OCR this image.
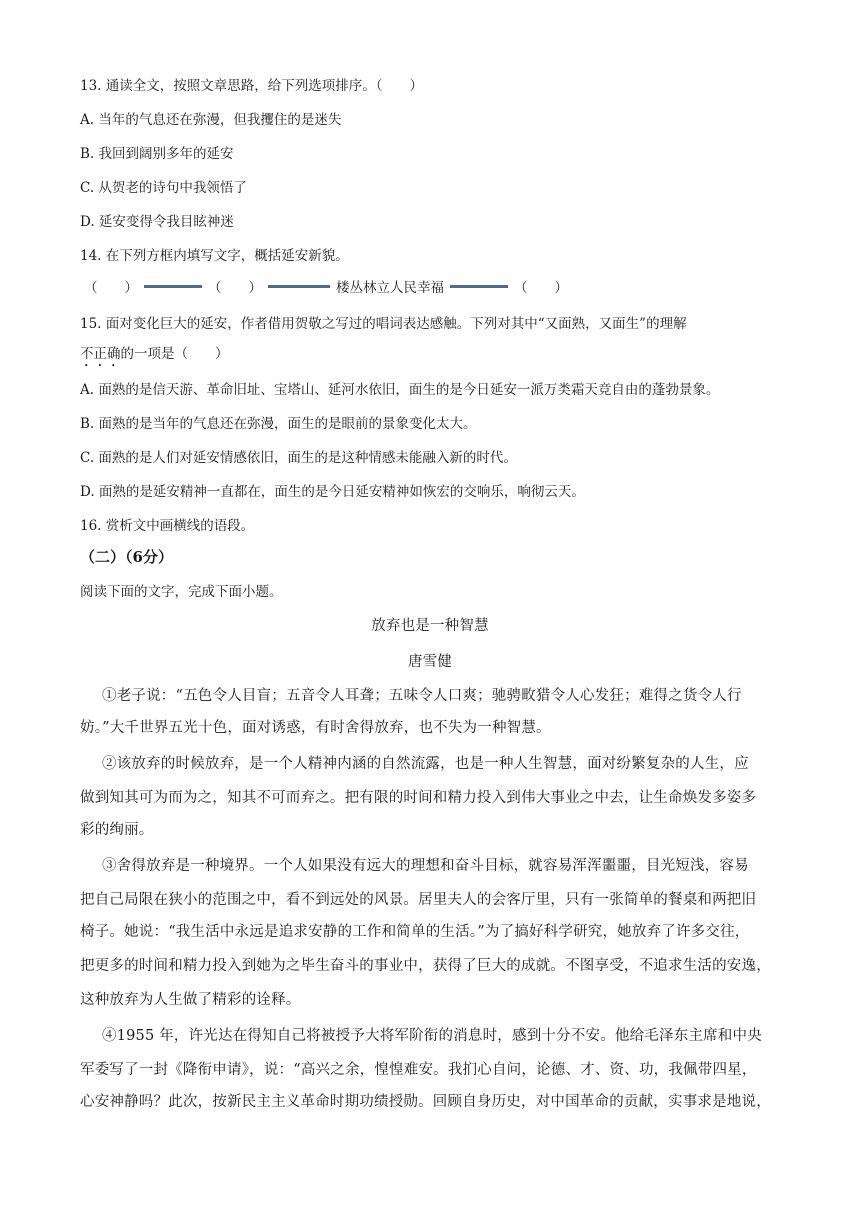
13. 通读全文，按照文章思路，给下列选项排序。（　　）
A. 当年的气息还在弥漫，但我攫住的是迷失
B. 我回到阔别多年的延安
C. 从贺老的诗句中我领悟了
D. 延安变得令我目眩神迷
14. 在下列方框内填写文字，概括延安新貌。
（　　）	（　　）	楼丛林立人民幸福	（　　）
15. 面对变化巨大的延安，作者借用贺敬之写过的唱词表达感触。下列对其中“又面熟，又面生”的理解
不正确的一项是（　　）
A. 面熟的是信天游、革命旧址、宝塔山、延河水依旧，面生的是今日延安一派万类霜天竞自由的蓬勃景象。
B. 面熟的是当年的气息还在弥漫，面生的是眼前的景象变化太大。
C. 面熟的是人们对延安情感依旧，面生的是这种情感未能融入新的时代。
D. 面熟的是延安精神一直都在，面生的是今日延安精神如恢宏的交响乐，响彻云天。
16. 赏析文中画横线的语段。
（二）（6分）
阅读下面的文字，完成下面小题。
放弃也是一种智慧
唐雪健
①老子说：“五色令人目盲；五音令人耳聋；五味令人口爽；驰骋畋猎令人心发狂；难得之货令人行
妨。”大千世界五光十色，面对诱惑，有时舍得放弃，也不失为一种智慧。
②该放弃的时候放弃，是一个人精神内涵的自然流露，也是一种人生智慧，面对纷繁复杂的人生，应
做到知其可为而为之，知其不可而弃之。把有限的时间和精力投入到伟大事业之中去，让生命焕发多姿多
彩的绚丽。
③舍得放弃是一种境界。一个人如果没有远大的理想和奋斗目标，就容易浑浑噩噩，目光短浅，容易
把自己局限在狭小的范围之中，看不到远处的风景。居里夫人的会客厅里，只有一张简单的餐桌和两把旧
椅子。她说：“我生活中永远是追求安静的工作和简单的生活。”为了搞好科学研究，她放弃了许多交往，
把更多的时间和精力投入到她为之毕生奋斗的事业中，获得了巨大的成就。不图享受，不追求生活的安逸，
这种放弃为人生做了精彩的诠释。
④1955 年，许光达在得知自己将被授予大将军阶衔的消息时，感到十分不安。他给毛泽东主席和中央
军委写了一封《降衔申请》，说：“高兴之余，惶惶难安。我扪心自问，论德、才、资、功，我佩带四星，
心安神静吗？此次，按新民主主义革命时期功绩授勋。回顾自身历史，对中国革命的贡献，实事求是地说，
